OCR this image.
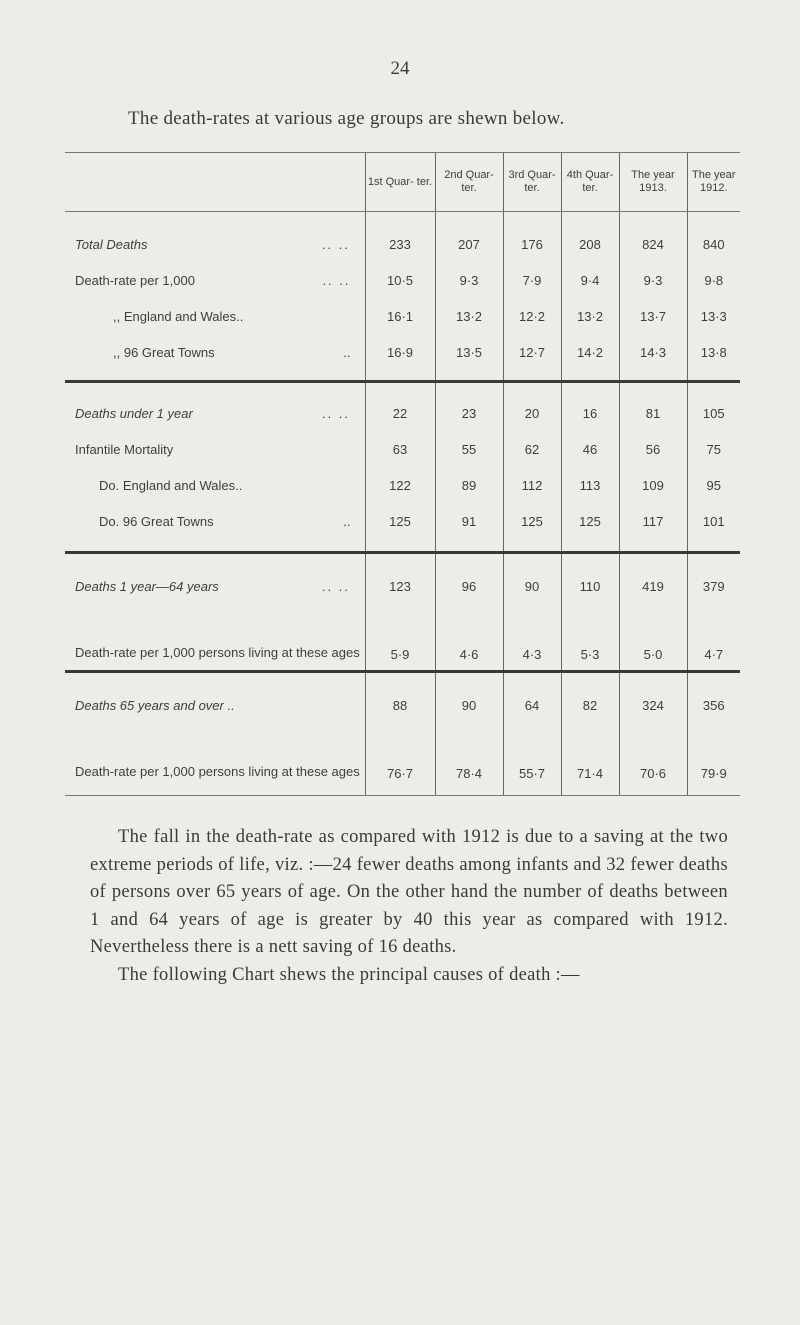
24
The death-rates at various age groups are shewn below.
	1st Quar- ter.	2nd Quar- ter.	3rd Quar- ter.	4th Quar- ter.	The year 1913.	The year 1912.
Total Deaths .. ..	233	207	176	208	824	840
Death-rate per 1,000 .. ..	10·5	9·3	7·9	9·4	9·3	9·8
,, England and Wales..	16·1	13·2	12·2	13·2	13·7	13·3
,, 96 Great Towns ..	16·9	13·5	12·7	14·2	14·3	13·8

Deaths under 1 year .. ..	22	23	20	16	81	105
Infantile Mortality	63	55	62	46	56	75
Do. England and Wales..	122	89	112	113	109	95
Do. 96 Great Towns ..	125	91	125	125	117	101

Deaths 1 year—64 years .. ..	123	96	90	110	419	379
Death-rate per 1,000 persons living at these ages	5·9	4·6	4·3	5·3	5·0	4·7

Deaths 65 years and over ..	88	90	64	82	324	356
Death-rate per 1,000 persons living at these ages	76·7	78·4	55·7	71·4	70·6	79·9

The fall in the death-rate as compared with 1912 is due to a saving at the two extreme periods of life, viz. :—24 fewer deaths among infants and 32 fewer deaths of persons over 65 years of age. On the other hand the number of deaths between 1 and 64 years of age is greater by 40 this year as compared with 1912. Nevertheless there is a nett saving of 16 deaths.

The following Chart shews the principal causes of death :—
